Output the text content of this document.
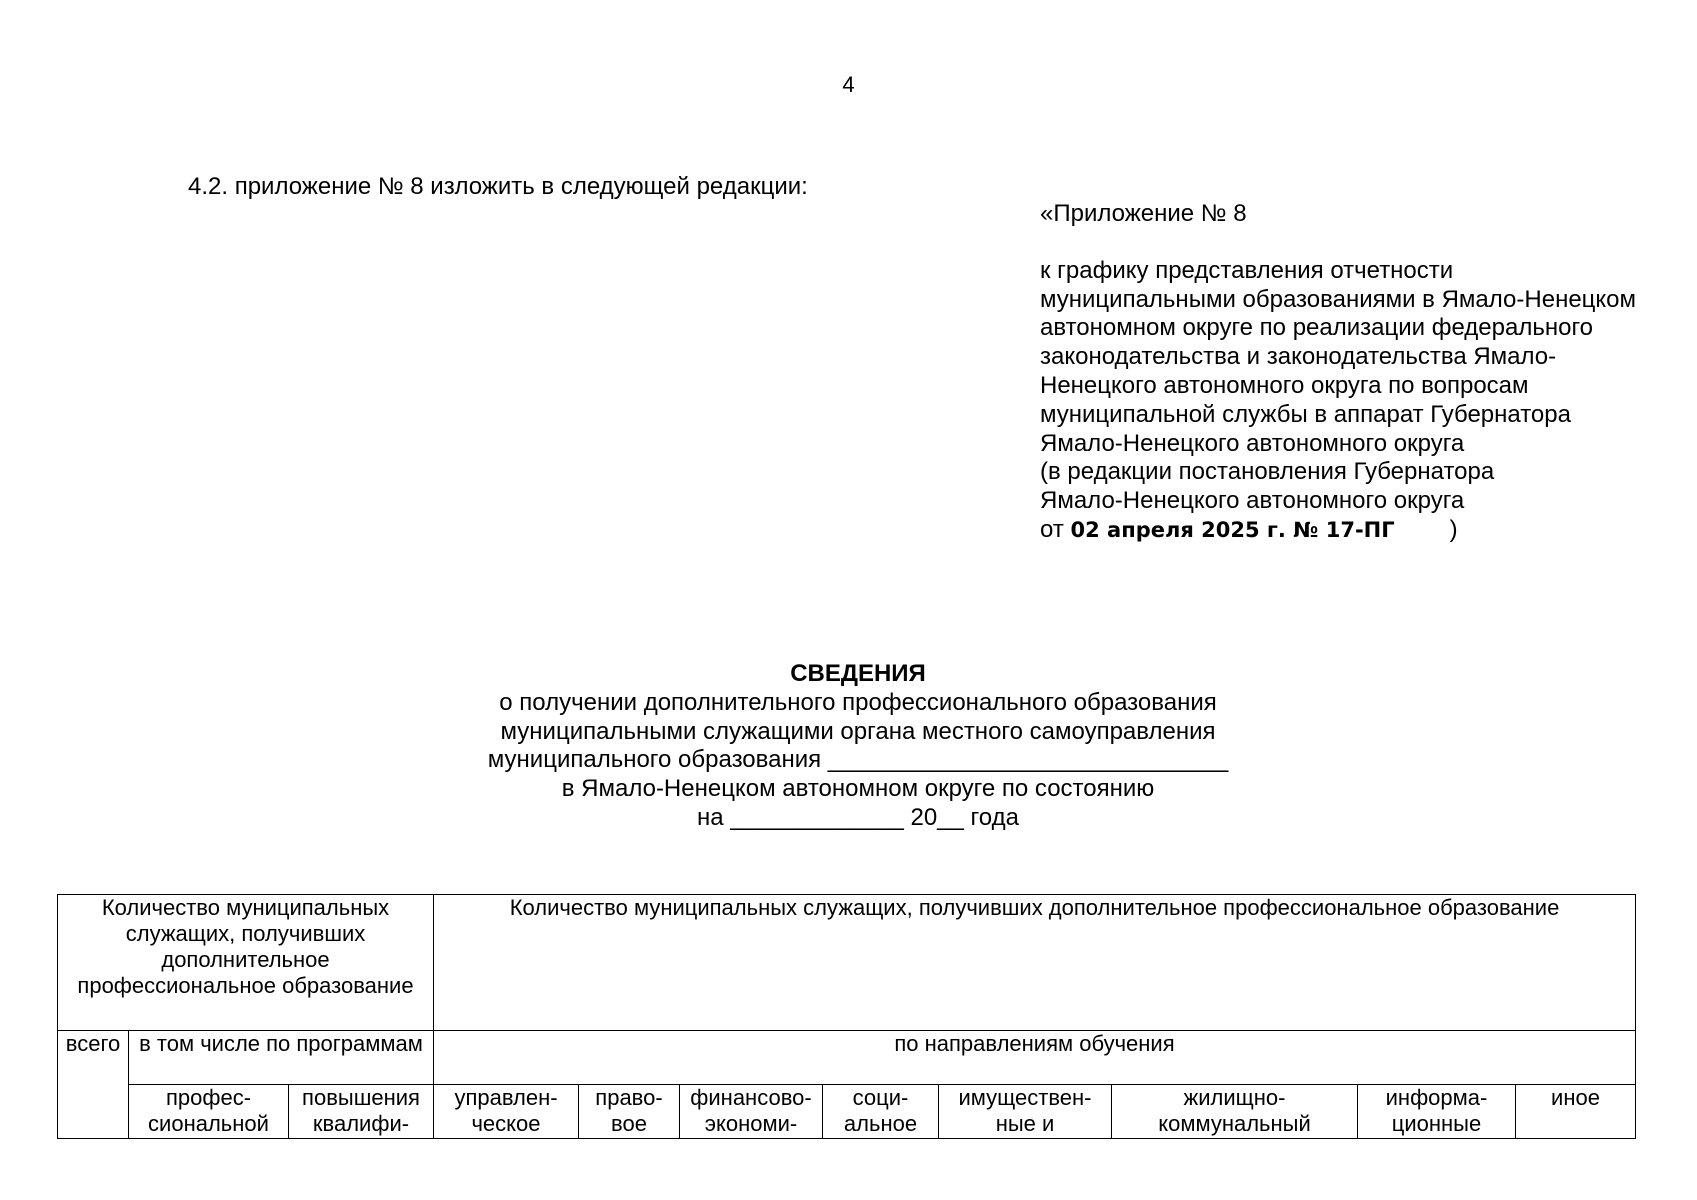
4
4.2. приложение № 8 изложить в следующей редакции:
«Приложение № 8
к графику представления отчетности муниципальными образованиями в Ямало-Ненецком автономном округе по реализации федерального законодательства и законодательства Ямало-Ненецкого автономного округа по вопросам муниципальной службы в аппарат Губернатора Ямало-Ненецкого автономного округа
(в редакции постановления Губернатора
Ямало-Ненецкого автономного округа
от 02 апреля 2025 г. № 17-ПГ )
СВЕДЕНИЯ
о получении дополнительного профессионального образования
муниципальными служащими органа местного самоуправления
муниципального образования ______________________________
в Ямало-Ненецком автономном округе по состоянию
на _____________ 20__ года
Количество муниципальных служащих, получивших дополнительное профессиональное образование			Количество муниципальных служащих, получивших дополнительное профессиональное образование							
всего	в том числе по программам		по направлениям обучения							

	профес- сиональной	повышения квалифи-	управлен- ческое	право- вое	финансово- экономи-	соци- альное	имуществен- ные и	жилищно- коммунальный	информа- ционные	иное
